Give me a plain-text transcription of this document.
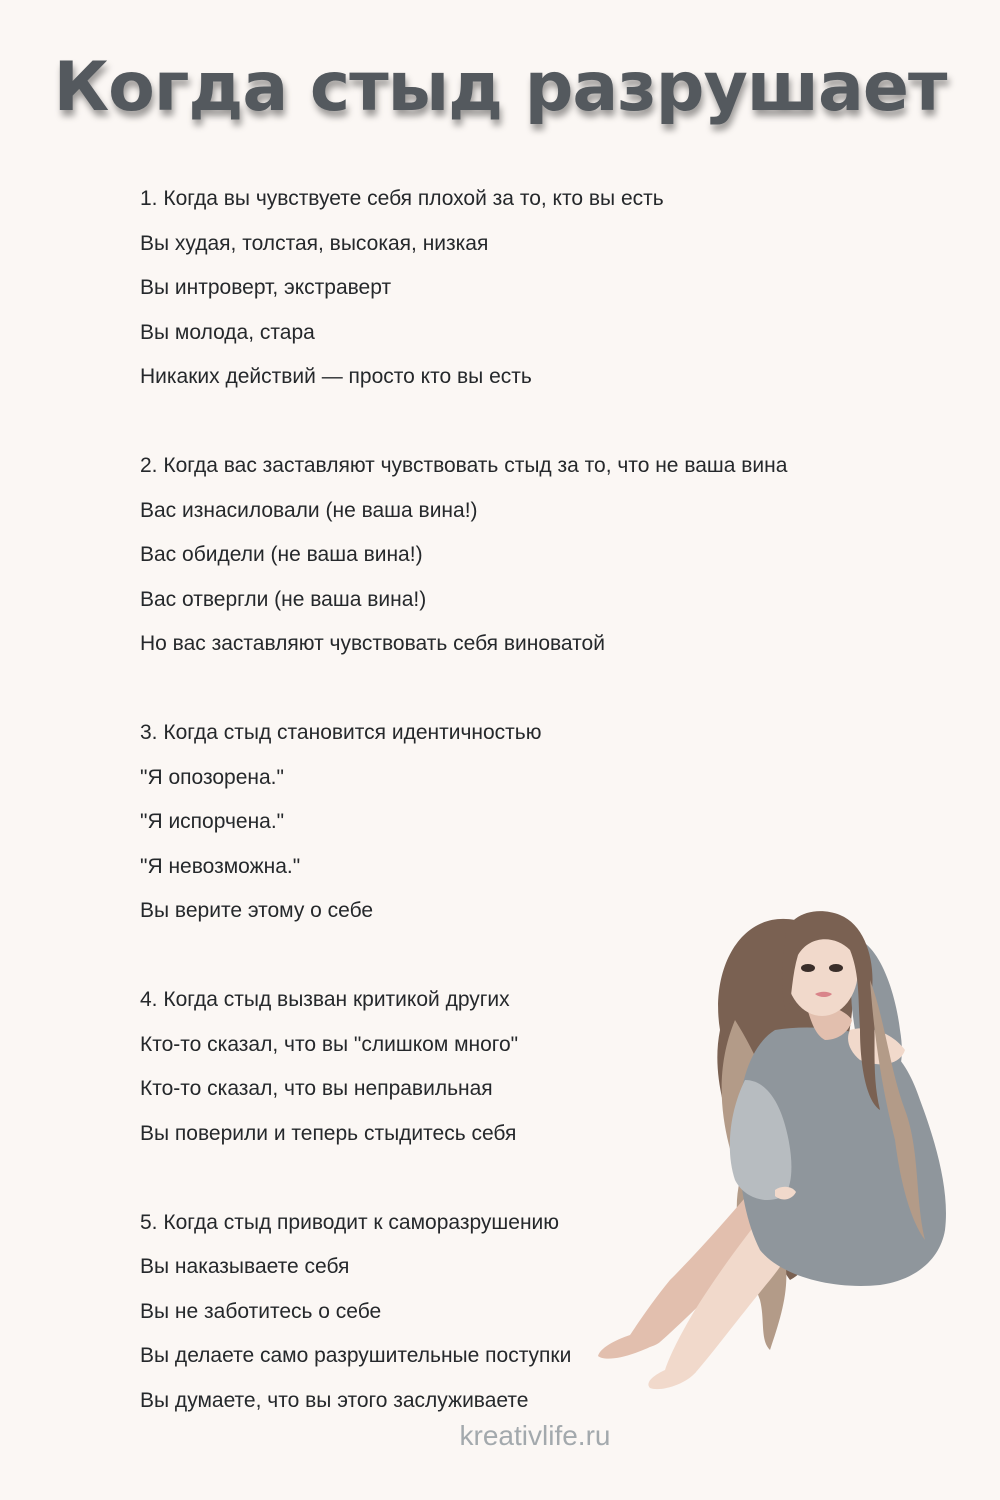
Когда стыд разрушает
1. Когда вы чувствуете себя плохой за то, кто вы есть
Вы худая, толстая, высокая, низкая
Вы интроверт, экстраверт
Вы молода, стара
Никаких действий — просто кто вы есть
2. Когда вас заставляют чувствовать стыд за то, что не ваша вина
Вас изнасиловали (не ваша вина!)
Вас обидели (не ваша вина!)
Вас отвергли (не ваша вина!)
Но вас заставляют чувствовать себя виноватой
3. Когда стыд становится идентичностью
"Я опозорена."
"Я испорчена."
"Я невозможна."
Вы верите этому о себе
4. Когда стыд вызван критикой других
Кто-то сказал, что вы "слишком много"
Кто-то сказал, что вы неправильная
Вы поверили и теперь стыдитесь себя
5. Когда стыд приводит к саморазрушению
Вы наказываете себя
Вы не заботитесь о себе
Вы делаете само разрушительные поступки
Вы думаете, что вы этого заслуживаете
kreativlife.ru
